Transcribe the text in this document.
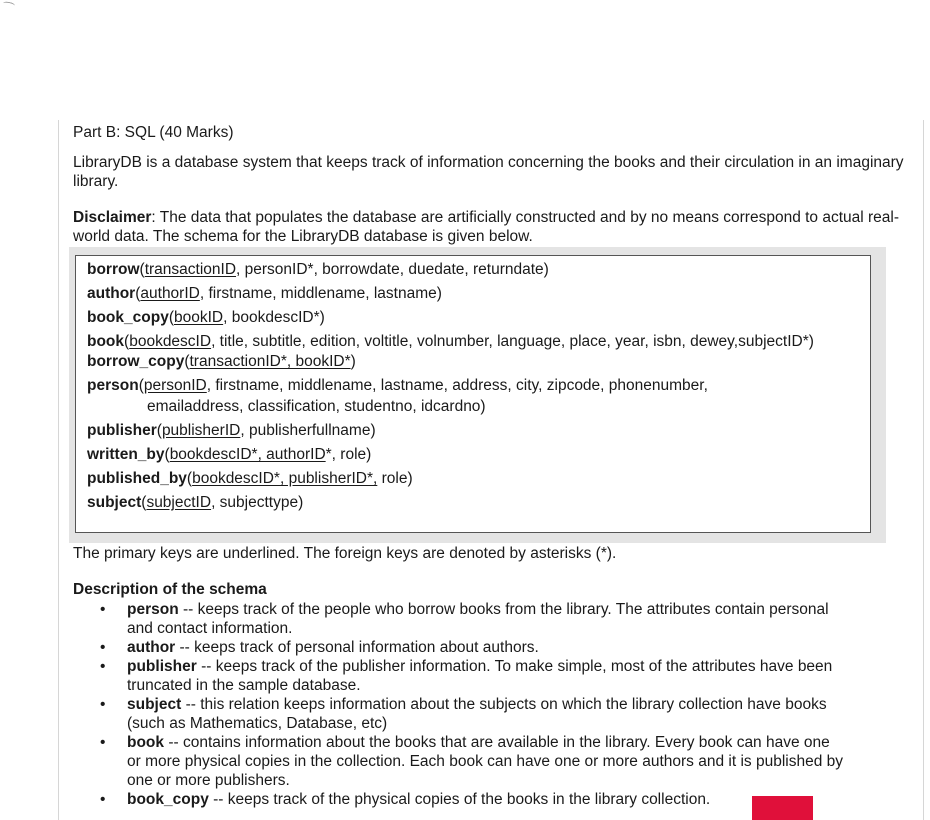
Part B: SQL (40 Marks)

LibraryDB is a database system that keeps track of information concerning the books and their circulation in an imaginary library.

Disclaimer: The data that populates the database are artificially constructed and by no means correspond to actual real-world data. The schema for the LibraryDB database is given below.

borrow(transactionID, personID*, borrowdate, duedate, returndate)

author(authorID, firstname, middlename, lastname)

book_copy(bookID, bookdescID*)

book(bookdescID, title, subtitle, edition, voltitle, volnumber, language, place, year, isbn, dewey,subjectID*)

borrow_copy(transactionID*, bookID*)

person(personID, firstname, middlename, lastname, address, city, zipcode, phonenumber,

emailaddress, classification, studentno, idcardno)

publisher(publisherID, publisherfullname)

written_by(bookdescID*, authorID*, role)

published_by(bookdescID*, publisherID*, role)

subject(subjectID, subjecttype)

The primary keys are underlined. The foreign keys are denoted by asterisks (*).

Description of the schema

• person -- keeps track of the people who borrow books from the library. The attributes contain personal and contact information.
• author -- keeps track of personal information about authors.
• publisher -- keeps track of the publisher information. To make simple, most of the attributes have been truncated in the sample database.
• subject -- this relation keeps information about the subjects on which the library collection have books (such as Mathematics, Database, etc)
• book -- contains information about the books that are available in the library. Every book can have one or more physical copies in the collection. Each book can have one or more authors and it is published by one or more publishers.
• book_copy -- keeps track of the physical copies of the books in the library collection.
